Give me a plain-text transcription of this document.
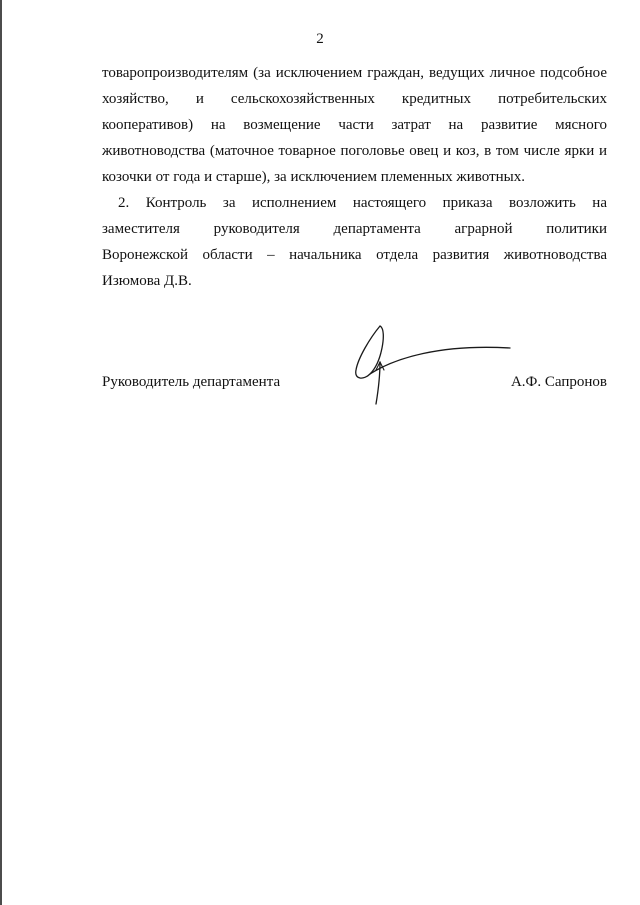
2
товаропроизводителям (за исключением граждан, ведущих личное подсобное
хозяйство, и сельскохозяйственных кредитных потребительских
кооперативов) на возмещение части затрат на развитие мясного
животноводства (маточное товарное поголовье овец и коз, в том числе ярки и
козочки от года и старше), за исключением племенных животных.
2. Контроль за исполнением настоящего приказа возложить на
заместителя руководителя департамента аграрной политики
Воронежской области – начальника отдела развития животноводства
Изюмова Д.В.
Руководитель департамента	А.Ф. Сапронов
